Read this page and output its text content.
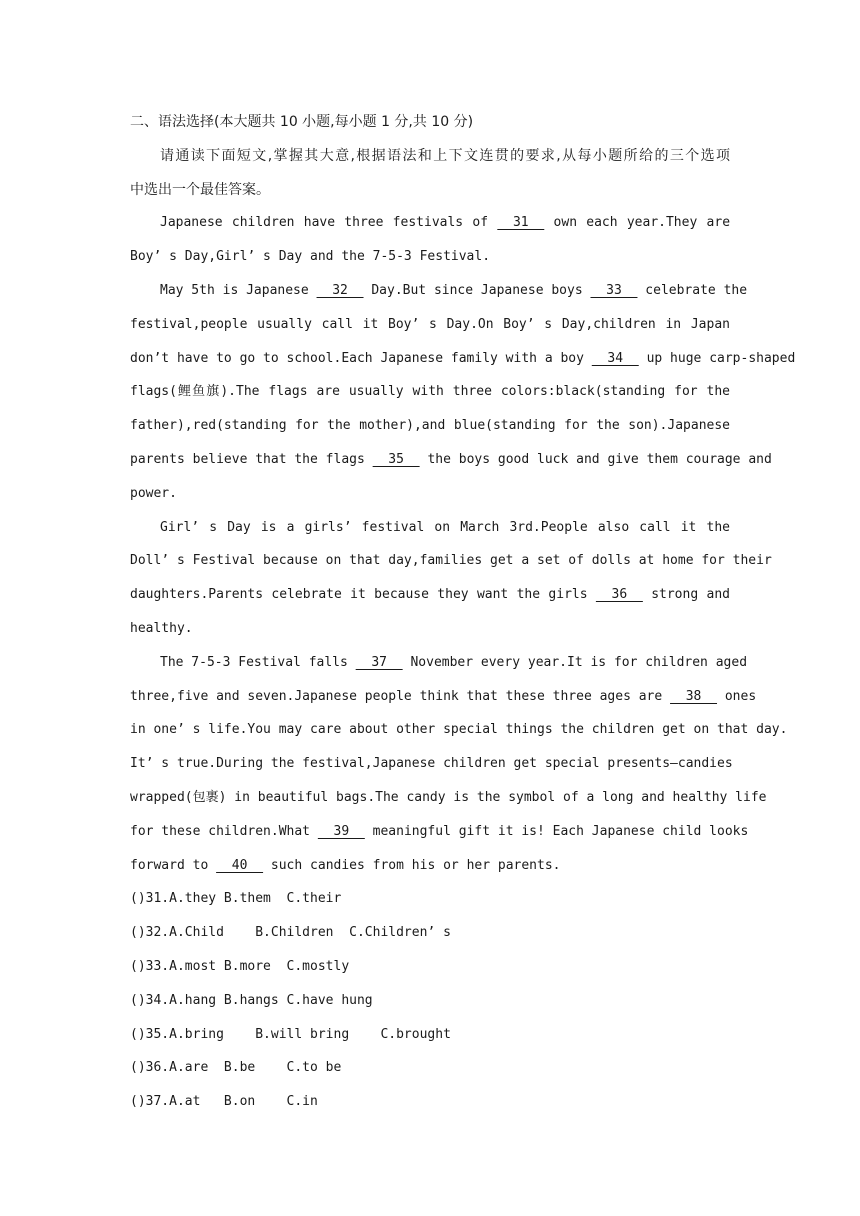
二、语法选择(本大题共 10 小题,每小题 1 分,共 10 分)
请通读下面短文,掌握其大意,根据语法和上下文连贯的要求,从每小题所给的三个选项
中选出一个最佳答案。
Japanese children have three festivals of   31   own each year.They are
Boy’ s Day,Girl’ s Day and the 7-5-3 Festival.
May 5th is Japanese   32   Day.But since Japanese boys   33   celebrate the
festival,people usually call it Boy’ s Day.On Boy’ s Day,children in Japan
don’t have to go to school.Each Japanese family with a boy   34   up huge carp-shaped
flags(鲤鱼旗).The flags are usually with three colors:black(standing for the
father),red(standing for the mother),and blue(standing for the son).Japanese
parents believe that the flags   35   the boys good luck and give them courage and
power.
Girl’ s Day is a girls’ festival on March 3rd.People also call it the
Doll’ s Festival because on that day,families get a set of dolls at home for their
daughters.Parents celebrate it because they want the girls   36   strong and
healthy.
The 7-5-3 Festival falls   37   November every year.It is for children aged
three,five and seven.Japanese people think that these three ages are   38   ones
in one’ s life.You may care about other special things the children get on that day.
It’ s true.During the festival,Japanese children get special presents—candies
wrapped(包裹) in beautiful bags.The candy is the symbol of a long and healthy life
for these children.What   39   meaningful gift it is! Each Japanese child looks
forward to   40   such candies from his or her parents.
()31.A.they B.them  C.their
()32.A.Child    B.Children  C.Children’ s
()33.A.most B.more  C.mostly
()34.A.hang B.hangs C.have hung
()35.A.bring    B.will bring    C.brought
()36.A.are  B.be    C.to be
()37.A.at   B.on    C.in
